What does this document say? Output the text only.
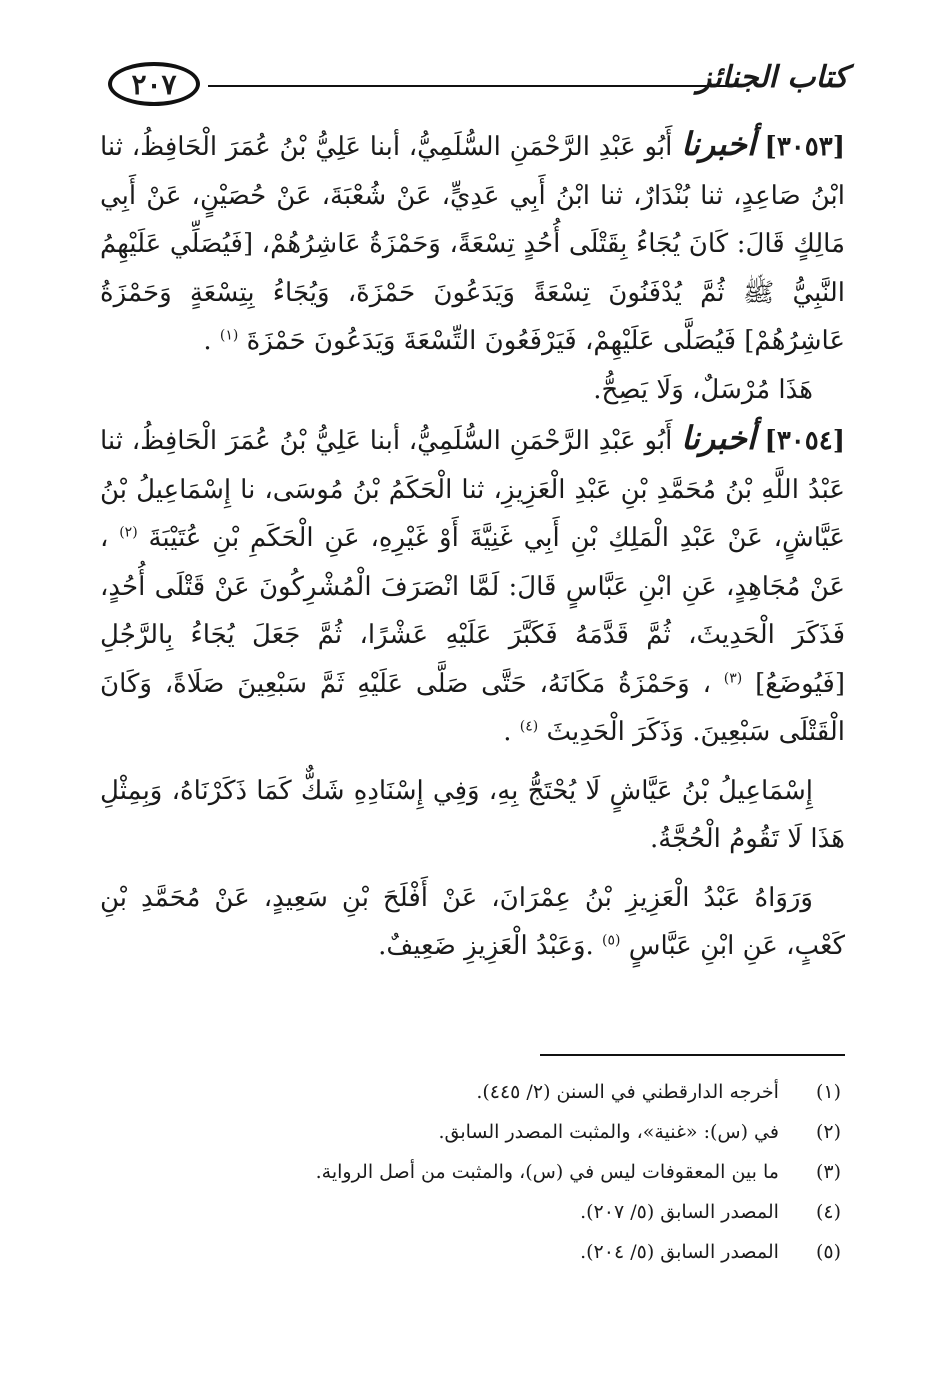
٢٠٧	كتاب الجنائز

[٣٠٥٣] أخبرنا أَبُو عَبْدِ الرَّحْمَنِ السُّلَمِيُّ، أبنا عَلِيُّ بْنُ عُمَرَ الْحَافِظُ، ثنا ابْنُ صَاعِدٍ، ثنا بُنْدَارٌ، ثنا ابْنُ أَبِي عَدِيٍّ، عَنْ شُعْبَةَ، عَنْ حُصَيْنٍ، عَنْ أَبِي مَالِكٍ قَالَ: كَانَ يُجَاءُ بِقَتْلَى أُحُدٍ تِسْعَةً، وَحَمْزَةُ عَاشِرُهُمْ، [فَيُصَلِّي عَلَيْهِمُ النَّبِيُّ ﷺ ثُمَّ يُدْفَنُونَ تِسْعَةً وَيَدَعُونَ حَمْزَةَ، وَيُجَاءُ بِتِسْعَةٍ وَحَمْزَةُ عَاشِرُهُمْ] فَيُصَلَّى عَلَيْهِمْ، فَيَرْفَعُونَ التِّسْعَةَ وَيَدَعُونَ حَمْزَةَ $^{(١)}$ .

هَذَا مُرْسَلٌ، وَلَا يَصِحُّ.

[٣٠٥٤] أخبرنا أَبُو عَبْدِ الرَّحْمَنِ السُّلَمِيُّ، أبنا عَلِيُّ بْنُ عُمَرَ الْحَافِظُ، ثنا عَبْدُ اللَّهِ بْنُ مُحَمَّدِ بْنِ عَبْدِ الْعَزِيزِ، ثنا الْحَكَمُ بْنُ مُوسَى، نا إِسْمَاعِيلُ بْنُ عَيَّاشٍ، عَنْ عَبْدِ الْمَلِكِ بْنِ أَبِي غَنِيَّةَ أَوْ غَيْرِهِ، عَنِ الْحَكَمِ بْنِ عُتَيْبَةَ $^{(٢)}$ ، عَنْ مُجَاهِدٍ، عَنِ ابْنِ عَبَّاسٍ قَالَ: لَمَّا انْصَرَفَ الْمُشْرِكُونَ عَنْ قَتْلَى أُحُدٍ، فَذَكَرَ الْحَدِيثَ، ثُمَّ قَدَّمَهُ فَكَبَّرَ عَلَيْهِ عَشْرًا، ثُمَّ جَعَلَ يُجَاءُ بِالرَّجُلِ [فَيُوضَعُ] $^{(٣)}$ ، وَحَمْزَةُ مَكَانَهُ، حَتَّى صَلَّى عَلَيْهِ ثَمَّ سَبْعِينَ صَلَاةً، وَكَانَ الْقَتْلَى سَبْعِينَ. وَذَكَرَ الْحَدِيثَ $^{(٤)}$ .

إِسْمَاعِيلُ بْنُ عَيَّاشٍ لَا يُحْتَجُّ بِهِ، وَفِي إِسْنَادِهِ شَكٌّ كَمَا ذَكَرْنَاهُ، وَبِمِثْلِ هَذَا لَا تَقُومُ الْحُجَّةُ.

وَرَوَاهُ عَبْدُ الْعَزِيزِ بْنُ عِمْرَانَ، عَنْ أَفْلَحَ بْنِ سَعِيدٍ، عَنْ مُحَمَّدِ بْنِ كَعْبٍ، عَنِ ابْنِ عَبَّاسٍ $^{(٥)}$ .وَعَبْدُ الْعَزِيزِ ضَعِيفٌ.

(١) أخرجه الدارقطني في السنن (٢/ ٤٤٥).
(٢) في (س): «غنية»، والمثبت المصدر السابق.
(٣) ما بين المعقوفات ليس في (س)، والمثبت من أصل الرواية.
(٤) المصدر السابق (٥/ ٢٠٧).
(٥) المصدر السابق (٥/ ٢٠٤).
